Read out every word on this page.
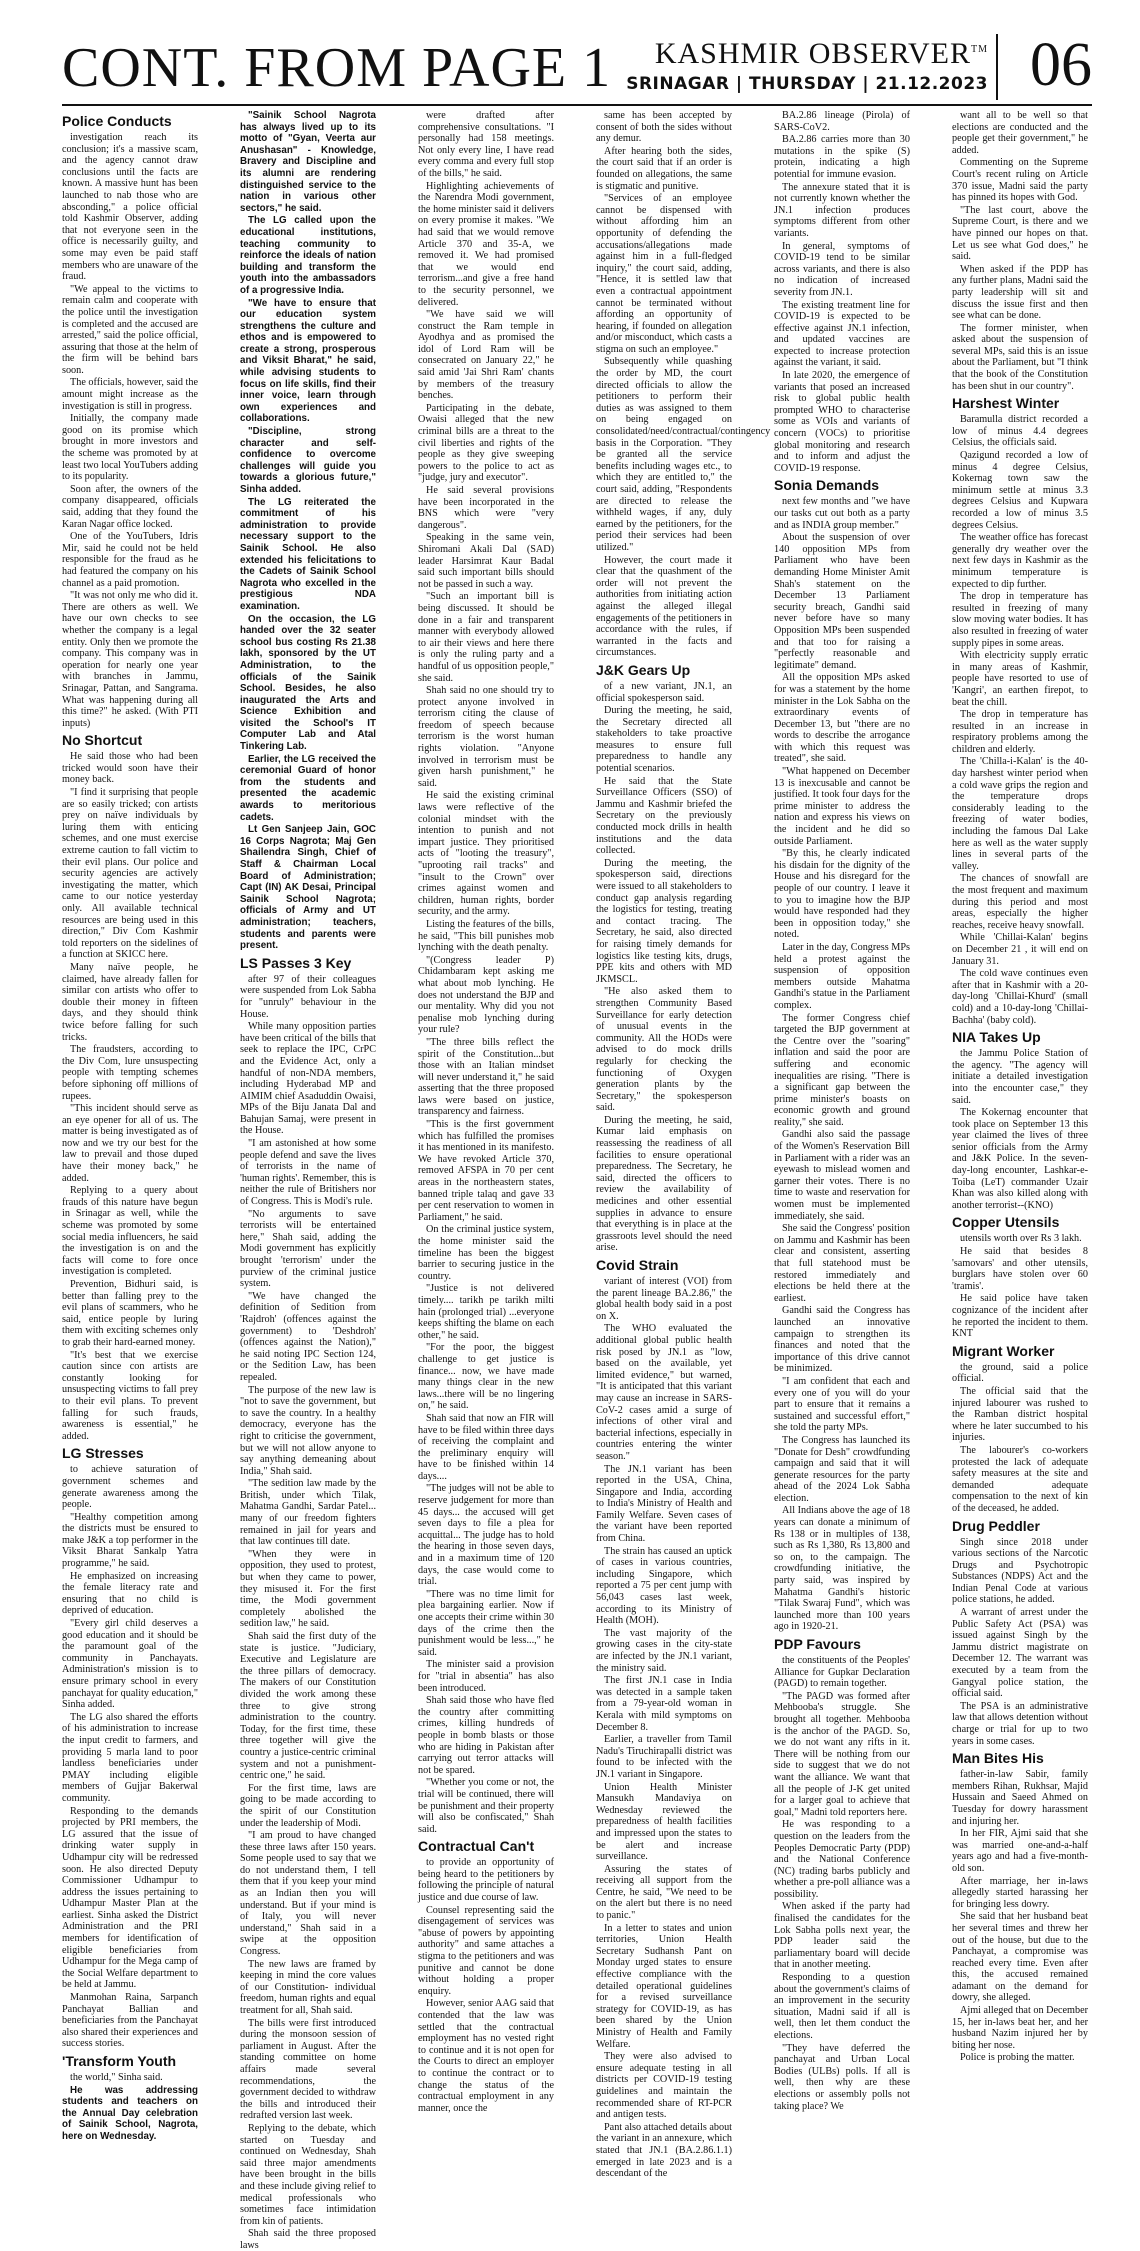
CONT. FROM PAGE 1	KASHMIR OBSERVER™
SRINAGAR | THURSDAY | 21.12.2023 06
Police Conducts

investigation reach its conclusion; it's a massive scam, and the agency cannot draw conclusions until the facts are known. A massive hunt has been launched to nab those who are absconding," a police official told Kashmir Observer, adding that not everyone seen in the office is necessarily guilty, and some may even be paid staff members who are unaware of the fraud.

"We appeal to the victims to remain calm and cooperate with the police until the investigation is completed and the accused are arrested," said the police official, assuring that those at the helm of the firm will be behind bars soon.

The officials, however, said the amount might increase as the investigation is still in progress.

Initially, the company made good on its promise which brought in more investors and the scheme was promoted by at least two local YouTubers adding to its popularity.

Soon after, the owners of the company disappeared, officials said, adding that they found the Karan Nagar office locked.

One of the YouTubers, Idris Mir, said he could not be held responsible for the fraud as he had featured the company on his channel as a paid promotion.

"It was not only me who did it. There are others as well. We have our own checks to see whether the company is a legal entity. Only then we promote the company. This company was in operation for nearly one year with branches in Jammu, Srinagar, Pattan, and Sangrama. What was happening during all this time?" he asked. (With PTI inputs)

No Shortcut

He said those who had been tricked would soon have their money back.

"I find it surprising that people are so easily tricked; con artists prey on naïve individuals by luring them with enticing schemes, and one must exercise extreme caution to fall victim to their evil plans. Our police and security agencies are actively investigating the matter, which came to our notice yesterday only. All available technical resources are being used in this direction," Div Com Kashmir told reporters on the sidelines of a function at SKICC here.

Many naïve people, he claimed, have already fallen for similar con artists who offer to double their money in fifteen days, and they should think twice before falling for such tricks.

The fraudsters, according to the Div Com, lure unsuspecting people with tempting schemes before siphoning off millions of rupees.

"This incident should serve as an eye opener for all of us. The matter is being investigated as of now and we try our best for the law to prevail and those duped have their money back," he added.

Replying to a query about frauds of this nature have begun in Srinagar as well, while the scheme was promoted by some social media influencers, he said the investigation is on and the facts will come to fore once investigation is completed.

Prevention, Bidhuri said, is better than falling prey to the evil plans of scammers, who he said, entice people by luring them with exciting schemes only to grab their hard-earned money.

"It's best that we exercise caution since con artists are constantly looking for unsuspecting victims to fall prey to their evil plans. To prevent falling for such frauds, awareness is essential," he added.

LG Stresses

to achieve saturation of government schemes and generate awareness among the people.

"Healthy competition among the districts must be ensured to make J&K a top performer in the Viksit Bharat Sankalp Yatra programme," he said.

He emphasized on increasing the female literacy rate and ensuring that no child is deprived of education.

"Every girl child deserves a good education and it should be the paramount goal of the community in Panchayats. Administration's mission is to ensure primary school in every panchayat for quality education," Sinha added.

The LG also shared the efforts of his administration to increase the input credit to farmers, and providing 5 marla land to poor landless beneficiaries under PMAY including eligible members of Gujjar Bakerwal community.

Responding to the demands projected by PRI members, the LG assured that the issue of drinking water supply in Udhampur city will be redressed soon. He also directed Deputy Commissioner Udhampur to address the issues pertaining to Udhampur Master Plan at the earliest. Sinha asked the District Administration and the PRI members for identification of eligible beneficiaries from Udhampur for the Mega camp of the Social Welfare department to be held at Jammu.

Manmohan Raina, Sarpanch Panchayat Ballian and beneficiaries from the Panchayat also shared their experiences and success stories.

'Transform Youth

the world," Sinha said.

He was addressing students and teachers on the Annual Day celebration of Sainik School, Nagrota, here on Wednesday.

"Sainik School Nagrota has always lived up to its motto of "Gyan, Veerta aur Anushasan" - Knowledge, Bravery and Discipline and its alumni are rendering distinguished service to the nation in various other sectors," he said.

The LG called upon the educational institutions, teaching community to reinforce the ideals of nation building and transform the youth into the ambassadors of a progressive India.

"We have to ensure that our education system strengthens the culture and ethos and is empowered to create a strong, prosperous and Viksit Bharat," he said, while advising students to focus on life skills, find their inner voice, learn through own experiences and collaborations.

"Discipline, strong character and self-confidence to overcome challenges will guide you towards a glorious future," Sinha added.

The LG reiterated the commitment of his administration to provide necessary support to the Sainik School. He also extended his felicitations to the Cadets of Sainik School Nagrota who excelled in the prestigious NDA examination.

On the occasion, the LG handed over the 32 seater school bus costing Rs 21.38 lakh, sponsored by the UT Administration, to the officials of the Sainik School. Besides, he also inaugurated the Arts and Science Exhibition and visited the School's IT Computer Lab and Atal Tinkering Lab.

Earlier, the LG received the ceremonial Guard of honor from the students and presented the academic awards to meritorious cadets.

Lt Gen Sanjeep Jain, GOC 16 Corps Nagrota; Maj Gen Shailendra Singh, Chief of Staff & Chairman Local Board of Administration; Capt (IN) AK Desai, Principal Sainik School Nagrota; officials of Army and UT administration; teachers, students and parents were present.

LS Passes 3 Key

after 97 of their colleagues were suspended from Lok Sabha for "unruly" behaviour in the House.

While many opposition parties have been critical of the bills that seek to replace the IPC, CrPC and the Evidence Act, only a handful of non-NDA members, including Hyderabad MP and AIMIM chief Asaduddin Owaisi, MPs of the Biju Janata Dal and Bahujan Samaj, were present in the House.

"I am astonished at how some people defend and save the lives of terrorists in the name of 'human rights'. Remember, this is neither the rule of Britishers nor of Congress. This is Modi's rule.

"No arguments to save terrorists will be entertained here," Shah said, adding the Modi government has explicitly brought 'terrorism' under the purview of the criminal justice system.

"We have changed the definition of Sedition from 'Rajdroh' (offences against the government) to 'Deshdroh' (offences against the Nation)," he said noting IPC Section 124, or the Sedition Law, has been repealed.

The purpose of the new law is "not to save the government, but to save the country. In a healthy democracy, everyone has the right to criticise the government, but we will not allow anyone to say anything demeaning about India," Shah said.

"The sedition law made by the British, under which Tilak, Mahatma Gandhi, Sardar Patel... many of our freedom fighters remained in jail for years and that law continues till date.

"When they were in opposition, they used to protest, but when they came to power, they misused it. For the first time, the Modi government completely abolished the sedition law," he said.

Shah said the first duty of the state is justice. "Judiciary, Executive and Legislature are the three pillars of democracy. The makers of our Constitution divided the work among these three to give strong administration to the country. Today, for the first time, these three together will give the country a justice-centric criminal system and not a punishment-centric one," he said.

For the first time, laws are going to be made according to the spirit of our Constitution under the leadership of Modi.

"I am proud to have changed these three laws after 150 years. Some people used to say that we do not understand them, I tell them that if you keep your mind as an Indian then you will understand. But if your mind is of Italy, you will never understand," Shah said in a swipe at the opposition Congress.

The new laws are framed by keeping in mind the core values of our Constitution- individual freedom, human rights and equal treatment for all, Shah said.

The bills were first introduced during the monsoon session of parliament in August. After the standing committee on home affairs made several recommendations, the government decided to withdraw the bills and introduced their redrafted version last week.

Replying to the debate, which started on Tuesday and continued on Wednesday, Shah said three major amendments have been brought in the bills and these include giving relief to medical professionals who sometimes face intimidation from kin of patients.

Shah said the three proposed laws

were drafted after comprehensive consultations. "I personally had 158 meetings. Not only every line, I have read every comma and every full stop of the bills," he said.

Highlighting achievements of the Narendra Modi government, the home minister said it delivers on every promise it makes. "We had said that we would remove Article 370 and 35-A, we removed it. We had promised that we would end terrorism...and give a free hand to the security personnel, we delivered.

"We have said we will construct the Ram temple in Ayodhya and as promised the idol of Lord Ram will be consecrated on January 22," he said amid 'Jai Shri Ram' chants by members of the treasury benches.

Participating in the debate, Owaisi alleged that the new criminal bills are a threat to the civil liberties and rights of the people as they give sweeping powers to the police to act as "judge, jury and executor".

He said several provisions have been incorporated in the BNS which were "very dangerous".

Speaking in the same vein, Shiromani Akali Dal (SAD) leader Harsimrat Kaur Badal said such important bills should not be passed in such a way.

"Such an important bill is being discussed. It should be done in a fair and transparent manner with everybody allowed to air their views and here there is only the ruling party and a handful of us opposition people," she said.

Shah said no one should try to protect anyone involved in terrorism citing the clause of freedom of speech because terrorism is the worst human rights violation. "Anyone involved in terrorism must be given harsh punishment," he said.

He said the existing criminal laws were reflective of the colonial mindset with the intention to punish and not impart justice. They prioritised acts of "looting the treasury", "uprooting rail tracks" and "insult to the Crown" over crimes against women and children, human rights, border security, and the army.

Listing the features of the bills, he said, "This bill punishes mob lynching with the death penalty.

"(Congress leader P) Chidambaram kept asking me what about mob lynching. He does not understand the BJP and our mentality. Why did you not penalise mob lynching during your rule?

"The three bills reflect the spirit of the Constitution...but those with an Italian mindset will never understand it," he said asserting that the three proposed laws were based on justice, transparency and fairness.

"This is the first government which has fulfilled the promises it has mentioned in its manifesto. We have revoked Article 370, removed AFSPA in 70 per cent areas in the northeastern states, banned triple talaq and gave 33 per cent reservation to women in Parliament," he said.

On the criminal justice system, the home minister said the timeline has been the biggest barrier to securing justice in the country.

"Justice is not delivered timely.... tarikh pe tarikh milti hain (prolonged trial) ...everyone keeps shifting the blame on each other," he said.

"For the poor, the biggest challenge to get justice is finance... now, we have made many things clear in the new laws...there will be no lingering on," he said.

Shah said that now an FIR will have to be filed within three days of receiving the complaint and the preliminary enquiry will have to be finished within 14 days....

"The judges will not be able to reserve judgement for more than 45 days... the accused will get seven days to file a plea for acquittal... The judge has to hold the hearing in those seven days, and in a maximum time of 120 days, the case would come to trial.

"There was no time limit for plea bargaining earlier. Now if one accepts their crime within 30 days of the crime then the punishment would be less...," he said.

The minister said a provision for "trial in absentia" has also been introduced.

Shah said those who have fled the country after committing crimes, killing hundreds of people in bomb blasts or those who are hiding in Pakistan after carrying out terror attacks will not be spared.

"Whether you come or not, the trial will be continued, there will be punishment and their property will also be confiscated," Shah said.

Contractual Can't

to provide an opportunity of being heard to the petitioners by following the principle of natural justice and due course of law.

Counsel representing said the disengagement of services was "abuse of powers by appointing authority" and same attaches a stigma to the petitioners and was punitive and cannot be done without holding a proper enquiry.

However, senior AAG said that contended that the law was settled that the contractual employment has no vested right to continue and it is not open for the Courts to direct an employer to continue the contract or to change the status of the contractual employment in any manner, once the

same has been accepted by consent of both the sides without any demur.

After hearing both the sides, the court said that if an order is founded on allegations, the same is stigmatic and punitive.

"Services of an employee cannot be dispensed with without affording him an opportunity of defending the accusations/allegations made against him in a full-fledged inquiry," the court said, adding, "Hence, it is settled law that even a contractual appointment cannot be terminated without affording an opportunity of hearing, if founded on allegation and/or misconduct, which casts a stigma on such an employee."

Subsequently while quashing the order by MD, the court directed officials to allow the petitioners to perform their duties as was assigned to them on being engaged on consolidated/need/contractual/contingency basis in the Corporation. "They be granted all the service benefits including wages etc., to which they are entitled to," the court said, adding, "Respondents are directed to release the withheld wages, if any, duly earned by the petitioners, for the period their services had been utilized."

However, the court made it clear that the quashment of the order will not prevent the authorities from initiating action against the alleged illegal engagements of the petitioners in accordance with the rules, if warranted in the facts and circumstances.

J&K Gears Up

of a new variant, JN.1, an official spokesperson said.

During the meeting, he said, the Secretary directed all stakeholders to take proactive measures to ensure full preparedness to handle any potential scenarios.

He said that the State Surveillance Officers (SSO) of Jammu and Kashmir briefed the Secretary on the previously conducted mock drills in health institutions and the data collected.

During the meeting, the spokesperson said, directions were issued to all stakeholders to conduct gap analysis regarding the logistics for testing, treating and contact tracing. The Secretary, he said, also directed for raising timely demands for logistics like testing kits, drugs, PPE kits and others with MD JKMSCL.

"He also asked them to strengthen Community Based Surveillance for early detection of unusual events in the community. All the HODs were advised to do mock drills regularly for checking the functioning of Oxygen generation plants by the Secretary," the spokesperson said.

During the meeting, he said, Kumar laid emphasis on reassessing the readiness of all facilities to ensure operational preparedness. The Secretary, he said, directed the officers to review the availability of medicines and other essential supplies in advance to ensure that everything is in place at the grassroots level should the need arise.

Covid Strain

variant of interest (VOI) from the parent lineage BA.2.86," the global health body said in a post on X.

The WHO evaluated the additional global public health risk posed by JN.1 as "low, based on the available, yet limited evidence," but warned, "It is anticipated that this variant may cause an increase in SARS-CoV-2 cases amid a surge of infections of other viral and bacterial infections, especially in countries entering the winter season."

The JN.1 variant has been reported in the USA, China, Singapore and India, according to India's Ministry of Health and Family Welfare. Seven cases of the variant have been reported from China.

The strain has caused an uptick of cases in various countries, including Singapore, which reported a 75 per cent jump with 56,043 cases last week, according to its Ministry of Health (MOH).

The vast majority of the growing cases in the city-state are infected by the JN.1 variant, the ministry said.

The first JN.1 case in India was detected in a sample taken from a 79-year-old woman in Kerala with mild symptoms on December 8.

Earlier, a traveller from Tamil Nadu's Tiruchirapalli district was found to be infected with the JN.1 variant in Singapore.

Union Health Minister Mansukh Mandaviya on Wednesday reviewed the preparedness of health facilities and impressed upon the states to be alert and increase surveillance.

Assuring the states of receiving all support from the Centre, he said, "We need to be on the alert but there is no need to panic."

In a letter to states and union territories, Union Health Secretary Sudhansh Pant on Monday urged states to ensure effective compliance with the detailed operational guidelines for a revised surveillance strategy for COVID-19, as has been shared by the Union Ministry of Health and Family Welfare.

They were also advised to ensure adequate testing in all districts per COVID-19 testing guidelines and maintain the recommended share of RT-PCR and antigen tests.

Pant also attached details about the variant in an annexure, which stated that JN.1 (BA.2.86.1.1) emerged in late 2023 and is a descendant of the

BA.2.86 lineage (Pirola) of SARS-CoV2.

BA.2.86 carries more than 30 mutations in the spike (S) protein, indicating a high potential for immune evasion.

The annexure stated that it is not currently known whether the JN.1 infection produces symptoms different from other variants.

In general, symptoms of COVID-19 tend to be similar across variants, and there is also no indication of increased severity from JN.1.

The existing treatment line for COVID-19 is expected to be effective against JN.1 infection, and updated vaccines are expected to increase protection against the variant, it said.

In late 2020, the emergence of variants that posed an increased risk to global public health prompted WHO to characterise some as VOIs and variants of concern (VOCs) to prioritise global monitoring and research and to inform and adjust the COVID-19 response.

Sonia Demands

next few months and "we have our tasks cut out both as a party and as INDIA group member."

About the suspension of over 140 opposition MPs from Parliament who have been demanding Home Minister Amit Shah's statement on the December 13 Parliament security breach, Gandhi said never before have so many Opposition MPs been suspended and that too for raising a "perfectly reasonable and legitimate" demand.

All the opposition MPs asked for was a statement by the home minister in the Lok Sabha on the extraordinary events of December 13, but "there are no words to describe the arrogance with which this request was treated", she said.

"What happened on December 13 is inexcusable and cannot be justified. It took four days for the prime minister to address the nation and express his views on the incident and he did so outside Parliament.

"By this, he clearly indicated his disdain for the dignity of the House and his disregard for the people of our country. I leave it to you to imagine how the BJP would have responded had they been in opposition today," she noted.

Later in the day, Congress MPs held a protest against the suspension of opposition members outside Mahatma Gandhi's statue in the Parliament complex.

The former Congress chief targeted the BJP government at the Centre over the "soaring" inflation and said the poor are suffering and economic inequalities are rising. "There is a significant gap between the prime minister's boasts on economic growth and ground reality," she said.

Gandhi also said the passage of the Women's Reservation Bill in Parliament with a rider was an eyewash to mislead women and garner their votes. There is no time to waste and reservation for women must be implemented immediately, she said.

She said the Congress' position on Jammu and Kashmir has been clear and consistent, asserting that full statehood must be restored immediately and elections be held there at the earliest.

Gandhi said the Congress has launched an innovative campaign to strengthen its finances and noted that the importance of this drive cannot be minimized.

"I am confident that each and every one of you will do your part to ensure that it remains a sustained and successful effort," she told the party MPs.

The Congress has launched its "Donate for Desh" crowdfunding campaign and said that it will generate resources for the party ahead of the 2024 Lok Sabha election.

All Indians above the age of 18 years can donate a minimum of Rs 138 or in multiples of 138, such as Rs 1,380, Rs 13,800 and so on, to the campaign. The crowdfunding initiative, the party said, was inspired by Mahatma Gandhi's historic "Tilak Swaraj Fund", which was launched more than 100 years ago in 1920-21.

PDP Favours

the constituents of the Peoples' Alliance for Gupkar Declaration (PAGD) to remain together.

"The PAGD was formed after Mehbooba's struggle. She brought all together. Mehbooba is the anchor of the PAGD. So, we do not want any rifts in it. There will be nothing from our side to suggest that we do not want the alliance. We want that all the people of J-K get united for a larger goal to achieve that goal," Madni told reporters here.

He was responding to a question on the leaders from the Peoples Democratic Party (PDP) and the National Conference (NC) trading barbs publicly and whether a pre-poll alliance was a possibility.

When asked if the party had finalised the candidates for the Lok Sabha polls next year, the PDP leader said the parliamentary board will decide that in another meeting.

Responding to a question about the government's claims of an improvement in the security situation, Madni said if all is well, then let them conduct the elections.

"They have deferred the panchayat and Urban Local Bodies (ULBs) polls. If all is well, then why are these elections or assembly polls not taking place? We

want all to be well so that elections are conducted and the people get their government," he added.

Commenting on the Supreme Court's recent ruling on Article 370 issue, Madni said the party has pinned its hopes with God.

"The last court, above the Supreme Court, is there and we have pinned our hopes on that. Let us see what God does," he said.

When asked if the PDP has any further plans, Madni said the party leadership will sit and discuss the issue first and then see what can be done.

The former minister, when asked about the suspension of several MPs, said this is an issue about the Parliament, but "I think that the book of the Constitution has been shut in our country".

Harshest Winter

Baramulla district recorded a low of minus 4.4 degrees Celsius, the officials said.

Qazigund recorded a low of minus 4 degree Celsius, Kokernag town saw the minimum settle at minus 3.3 degrees Celsius and Kupwara recorded a low of minus 3.5 degrees Celsius.

The weather office has forecast generally dry weather over the next few days in Kashmir as the minimum temperature is expected to dip further.

The drop in temperature has resulted in freezing of many slow moving water bodies. It has also resulted in freezing of water supply pipes in some areas.

With electricity supply erratic in many areas of Kashmir, people have resorted to use of 'Kangri', an earthen firepot, to beat the chill.

The drop in temperature has resulted in an increase in respiratory problems among the children and elderly.

The 'Chilla-i-Kalan' is the 40-day harshest winter period when a cold wave grips the region and the temperature drops considerably leading to the freezing of water bodies, including the famous Dal Lake here as well as the water supply lines in several parts of the valley.

The chances of snowfall are the most frequent and maximum during this period and most areas, especially the higher reaches, receive heavy snowfall.

While 'Chillai-Kalan' begins on December 21 , it will end on January 31.

The cold wave continues even after that in Kashmir with a 20-day-long 'Chillai-Khurd' (small cold) and a 10-day-long 'Chillai-Bachha' (baby cold).

NIA Takes Up

the Jammu Police Station of the agency. "The agency will initiate a detailed investigation into the encounter case," they said.

The Kokernag encounter that took place on September 13 this year claimed the lives of three senior officials from the Army and J&K Police. In the seven-day-long encounter, Lashkar-e-Toiba (LeT) commander Uzair Khan was also killed along with another terrorist--(KNO)

Copper Utensils

utensils worth over Rs 3 lakh.

He said that besides 8 'samovars' and other utensils, burglars have stolen over 60 'tramis'.

He said police have taken cognizance of the incident after he reported the incident to them. KNT

Migrant Worker

the ground, said a police official.

The official said that the injured labourer was rushed to the Ramban district hospital where he later succumbed to his injuries.

The labourer's co-workers protested the lack of adequate safety measures at the site and demanded adequate compensation to the next of kin of the deceased, he added.

Drug Peddler

Singh since 2018 under various sections of the Narcotic Drugs and Psychotropic Substances (NDPS) Act and the Indian Penal Code at various police stations, he added.

A warrant of arrest under the Public Safety Act (PSA) was issued against Singh by the Jammu district magistrate on December 12. The warrant was executed by a team from the Gangyal police station, the official said.

The PSA is an administrative law that allows detention without charge or trial for up to two years in some cases.

Man Bites His

father-in-law Sabir, family members Rihan, Rukhsar, Majid Hussain and Saeed Ahmed on Tuesday for dowry harassment and injuring her.

In her FIR, Ajmi said that she was married one-and-a-half years ago and had a five-month-old son.

After marriage, her in-laws allegedly started harassing her for bringing less dowry.

She said that her husband beat her several times and threw her out of the house, but due to the Panchayat, a compromise was reached every time. Even after this, the accused remained adamant on the demand for dowry, she alleged.

Ajmi alleged that on December 15, her in-laws beat her, and her husband Nazim injured her by biting her nose.

Police is probing the matter.
